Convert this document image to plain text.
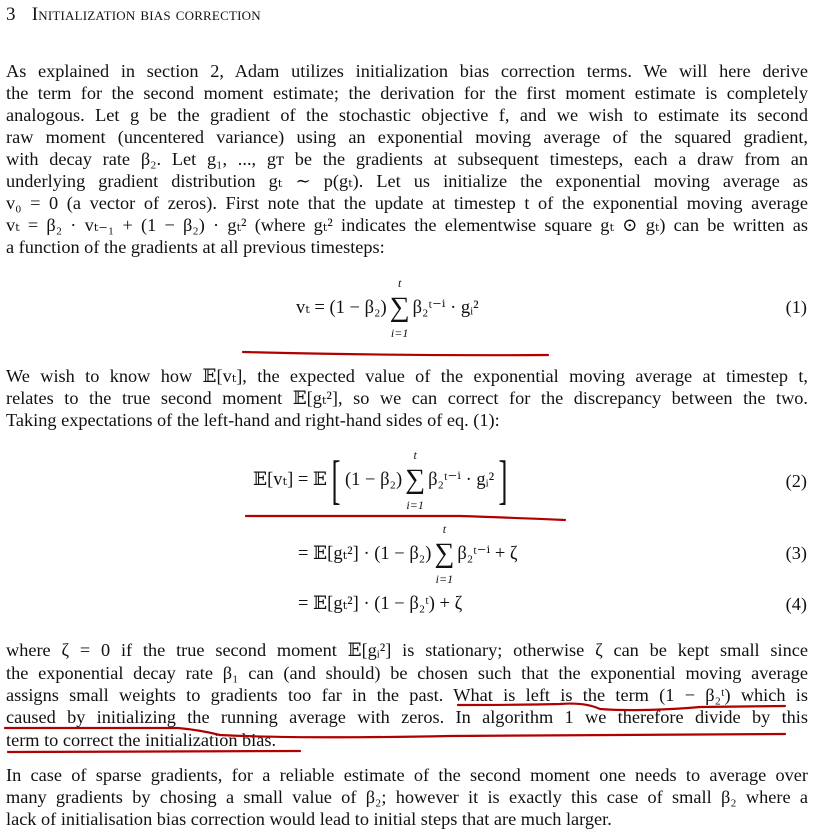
3 Initialization bias correction
As explained in section 2, Adam utilizes initialization bias correction terms. We will here derive
the term for the second moment estimate; the derivation for the first moment estimate is completely
analogous. Let g be the gradient of the stochastic objective f, and we wish to estimate its second
raw moment (uncentered variance) using an exponential moving average of the squared gradient,
with decay rate β₂. Let g₁, ..., gᴛ be the gradients at subsequent timesteps, each a draw from an
underlying gradient distribution gₜ ∼ p(gₜ). Let us initialize the exponential moving average as
v₀ = 0 (a vector of zeros). First note that the update at timestep t of the exponential moving average
vₜ = β₂ · vₜ₋₁ + (1 − β₂) · gₜ² (where gₜ² indicates the elementwise square gₜ ⊙ gₜ) can be written as
a function of the gradients at all previous timesteps:
vₜ = (1 − β₂)
t
∑
i=1
β₂ᵗ⁻ⁱ · gᵢ²	(1)
We wish to know how 𝔼[vₜ], the expected value of the exponential moving average at timestep t,
relates to the true second moment 𝔼[gₜ²], so we can correct for the discrepancy between the two.
Taking expectations of the left-hand and right-hand sides of eq. (1):
𝔼[vₜ] = 𝔼 [ (1 − β₂)
t
∑
i=1
β₂ᵗ⁻ⁱ · gᵢ² ]	(2)
= 𝔼[gₜ²] · (1 − β₂)
t
∑
i=1
β₂ᵗ⁻ⁱ + ζ	(3)
= 𝔼[gₜ²] · (1 − β₂ᵗ) + ζ	(4)
where ζ = 0 if the true second moment 𝔼[gᵢ²] is stationary; otherwise ζ can be kept small since
the exponential decay rate β₁ can (and should) be chosen such that the exponential moving average
assigns small weights to gradients too far in the past. What is left is the term (1 − β₂ᵗ) which is
caused by initializing the running average with zeros. In algorithm 1 we therefore divide by this
term to correct the initialization bias.
In case of sparse gradients, for a reliable estimate of the second moment one needs to average over
many gradients by chosing a small value of β₂; however it is exactly this case of small β₂ where a
lack of initialisation bias correction would lead to initial steps that are much larger.
